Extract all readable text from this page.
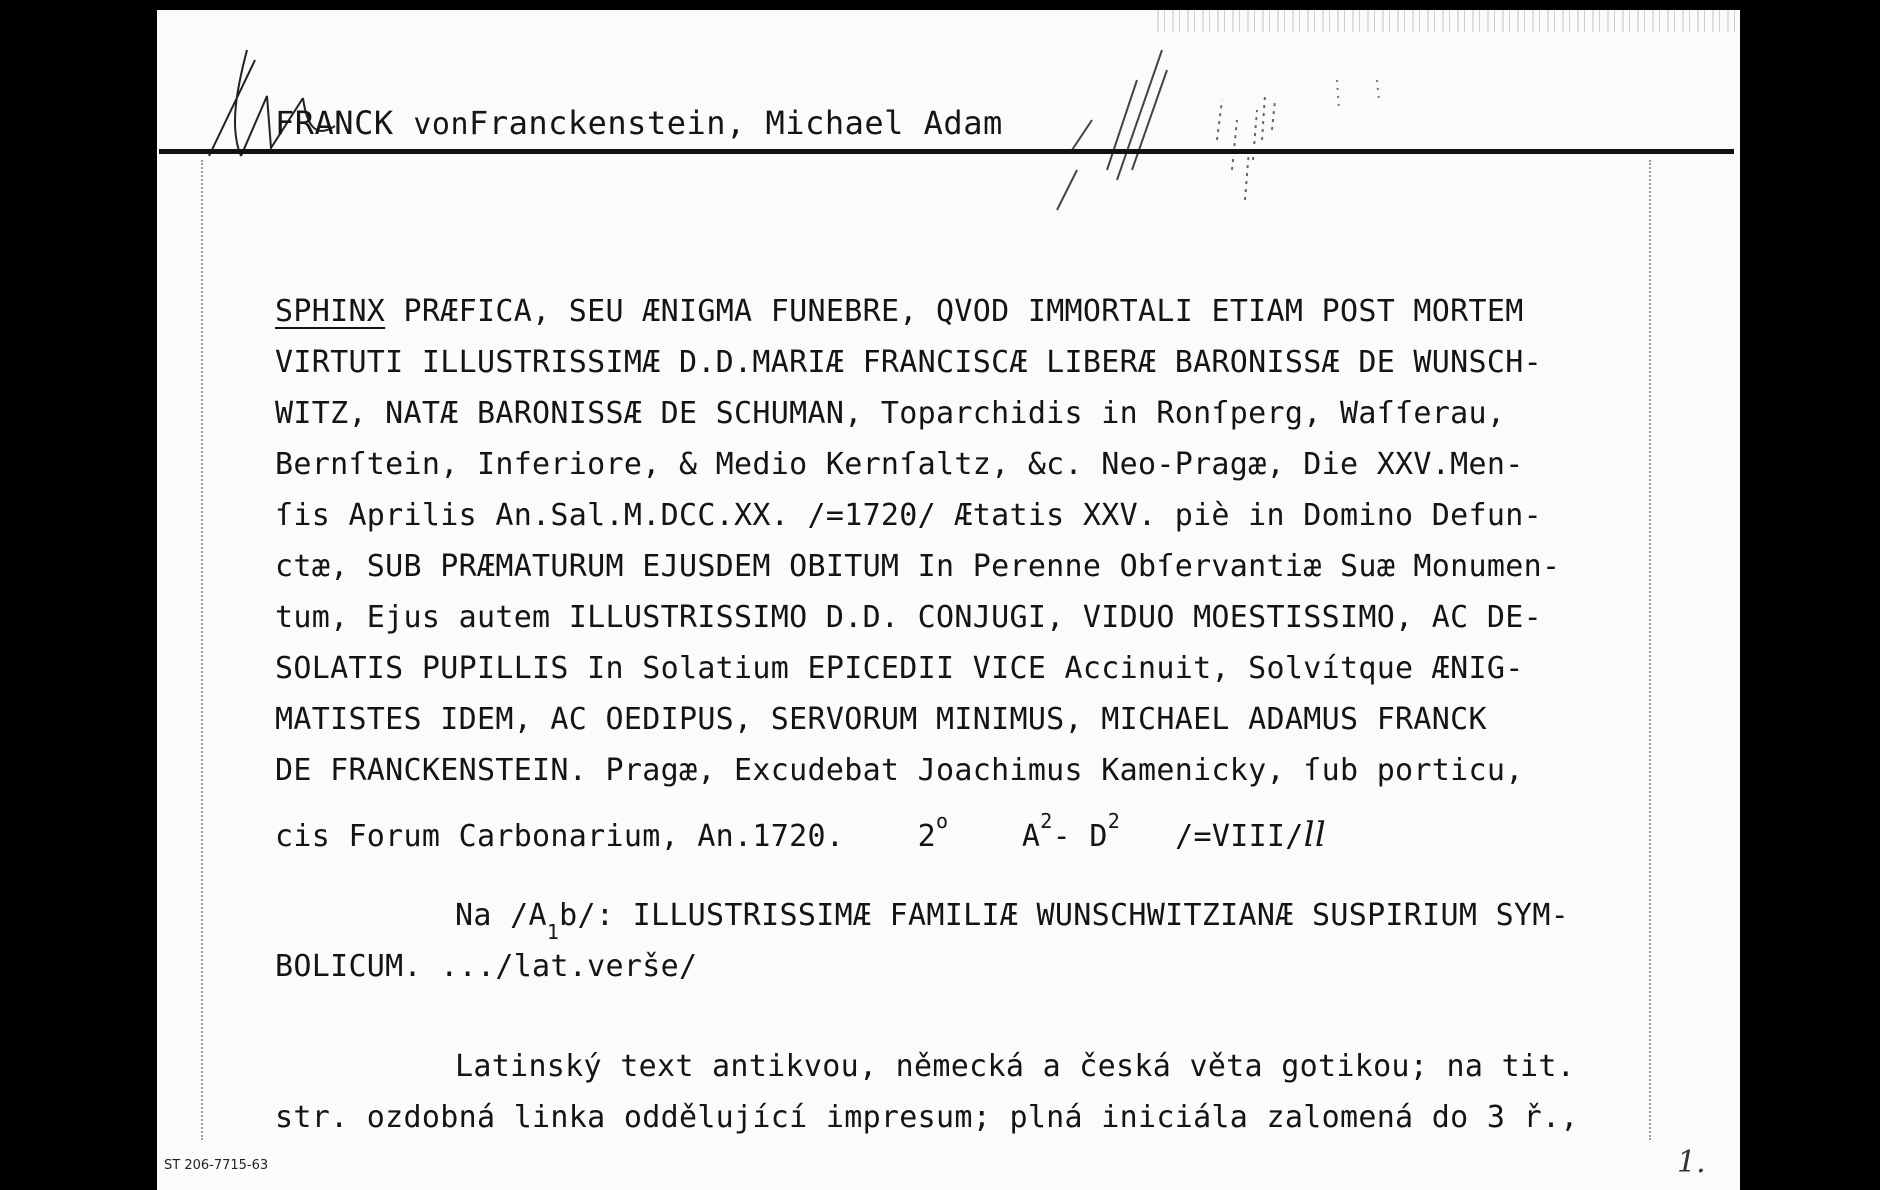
FRANCK vonFranckenstein, Michael Adam
SPHINX PRÆFICA, SEU ÆNIGMA FUNEBRE, QVOD IMMORTALI ETIAM POST MORTEM
VIRTUTI ILLUSTRISSIMÆ D.D.MARIÆ FRANCISCÆ LIBERÆ BARONISSÆ DE WUNSCH-
WITZ, NATÆ BARONISSÆ DE SCHUMAN, Toparchidis in Ronſperg, Waſſerau,
Bernſtein, Inferiore, & Medio Kernſaltz, &c. Neo-Pragæ, Die XXV.Men-
ſis Aprilis An.Sal.M.DCC.XX. /=1720/ Ætatis XXV. piè in Domino Defun-
ctæ, SUB PRÆMATURUM EJUSDEM OBITUM In Perenne Obſervantiæ Suæ Monumen-
tum, Ejus autem ILLUSTRISSIMO D.D. CONJUGI, VIDUO MOESTISSIMO, AC DE-
SOLATIS PUPILLIS In Solatium EPICEDII VICE Accinuit, Solvítque ÆNIG-
MATISTES IDEM, AC OEDIPUS, SERVORUM MINIMUS, MICHAEL ADAMUS FRANCK
DE FRANCKENSTEIN. Pragæ, Excudebat Joachimus Kamenicky, ſub porticu,
cis Forum Carbonarium, An.1720. 2$^o$ $A^2-$ $D^2$ /=VIII/ll
Na $/A_1b/$: ILLUSTRISSIMÆ FAMILIÆ WUNSCHWITZIANÆ SUSPIRIUM SYM-
BOLICUM. .../lat.verše/
Latinský text antikvou, německá a česká věta gotikou; na tit.
str. ozdobná linka oddělující impresum; plná iniciála zalomená do 3 ř.,
ST 206-7715-63	1.
